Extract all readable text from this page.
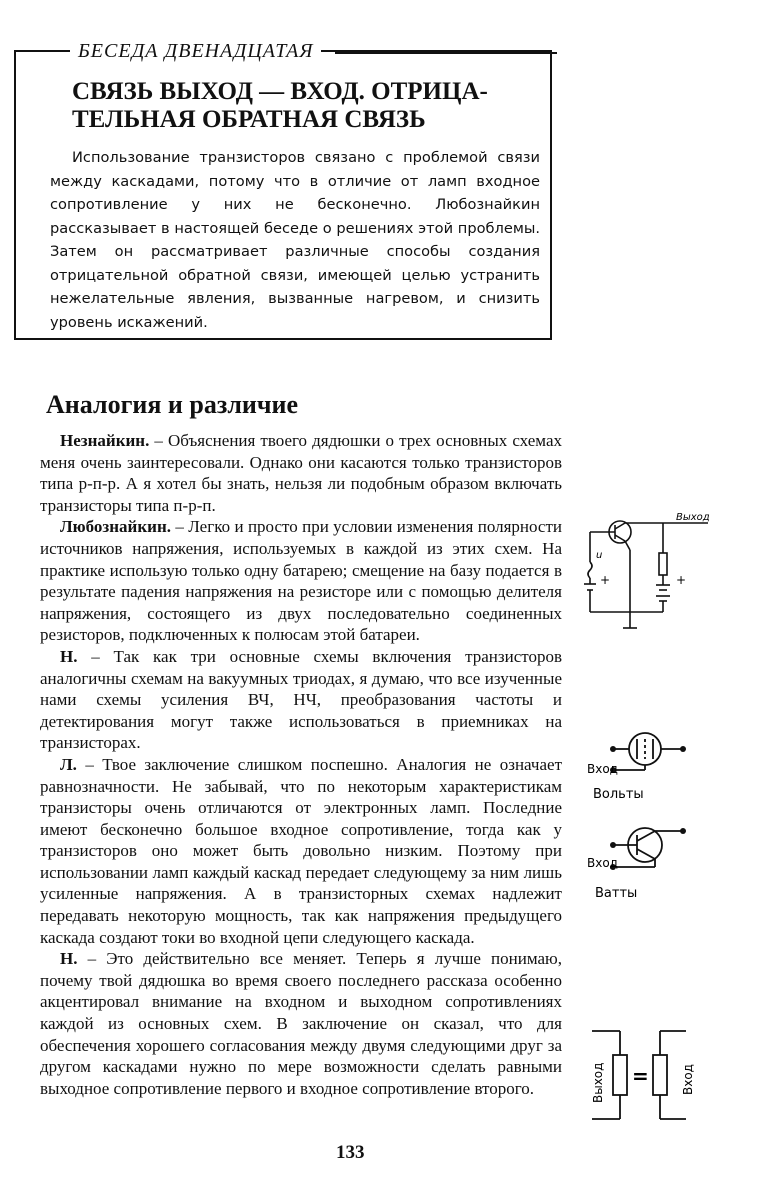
БЕСЕДА ДВЕНАДЦАТАЯ
СВЯЗЬ ВЫХОД — ВХОД. ОТРИЦА-
ТЕЛЬНАЯ ОБРАТНАЯ СВЯЗЬ
Использование транзисторов связано с проблемой связи между каскадами, потому что в отличие от ламп входное сопротивление у них не бесконечно. Любознайкин рассказывает в настоящей беседе о решениях этой проблемы. Затем он рассматривает различные способы создания отрицательной обратной связи, имеющей целью устранить нежелательные явления, вызванные нагревом, и снизить уровень искажений.
Аналогия и различие

Незнайкин. – Объяснения твоего дядюшки о трех основных схемах меня очень заинтересовали. Однако они касаются только транзисторов типа р-п-р. А я хотел бы знать, нельзя ли подобным образом включать транзисторы типа п-р-п.

Любознайкин. – Легко и просто при условии изменения полярности источников напряжения, используемых в каждой из этих схем. На практике использую только одну батарею; смещение на базу подается в результате падения напряжения на резисторе или с помощью делителя напряжения, состоящего из двух последовательно соединенных резисторов, подключенных к полюсам этой батареи.

Н. – Так как три основные схемы включения транзисторов аналогичны схемам на вакуумных триодах, я думаю, что все изученные нами схемы усиления ВЧ, НЧ, преобразования частоты и детектирования могут также использоваться в приемниках на транзисторах.

Л. – Твое заключение слишком поспешно. Аналогия не означает равнозначности. Не забывай, что по некоторым характеристикам транзисторы очень отличаются от электронных ламп. Последние имеют бесконечно большое входное сопротивление, тогда как у транзисторов оно может быть довольно низким. Поэтому при использовании ламп каждый каскад передает следующему за ним лишь усиленные напряжения. А в транзисторных схемах надлежит передавать некоторую мощность, так как напряжения предыдущего каскада создают токи во входной цепи следующего каскада.

Н. – Это действительно все меняет. Теперь я лучше понимаю, почему твой дядюшка во время своего последнего рассказа особенно акцентировал внимание на входном и выходном сопротивлениях каждой из основных схем. В заключение он сказал, что для обеспечения хорошего согласования между двумя следующими друг за другом каскадами нужно по мере возможности сделать равными выходное сопротивление первого и входное сопротивление второго.

Выход
u
+	+
Вход
Вольты
Вход
Ватты
=
Выход	Вход
133
